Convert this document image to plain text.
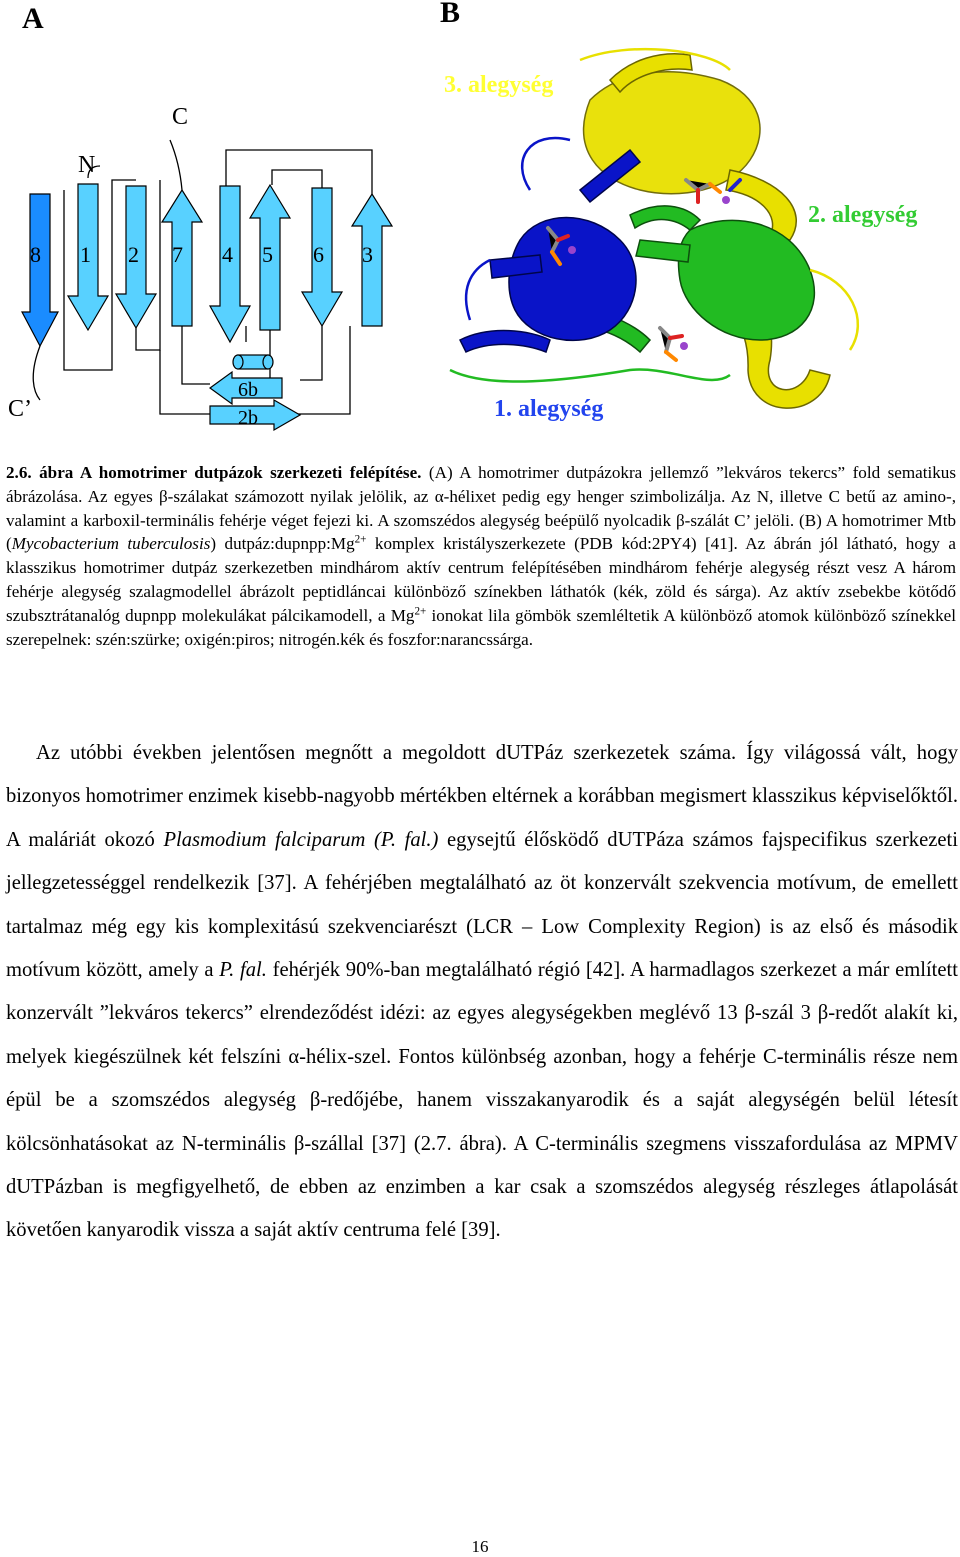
A
C
N
C’
8 1 2 7 4 5 6 3
6b
2b
B
3. alegység
2. alegység
1. alegység

2.6. ábra A homotrimer dutpázok szerkezeti felépítése. (A) A homotrimer dutpázokra jellemző ”lekváros tekercs” fold sematikus ábrázolása. Az egyes β-szálakat számozott nyilak jelölik, az α-hélixet pedig egy henger szimbolizálja. Az N, illetve C betű az amino-, valamint a karboxil-terminális fehérje véget fejezi ki. A szomszédos alegység beépülő nyolcadik β-szálát C’ jelöli. (B) A homotrimer Mtb (Mycobacterium tuberculosis) $dutpáz:dupnpp:Mg^{2+}$ komplex kristályszerkezete (PDB kód:2PY4) [41]. Az ábrán jól látható, hogy a klasszikus homotrimer dutpáz szerkezetben mindhárom aktív centrum felépítésében mindhárom fehérje alegység részt vesz A három fehérje alegység szalagmodellel ábrázolt peptidláncai különböző színekben láthatók (kék, zöld és sárga). Az aktív zsebekbe kötődő szubsztrátanalóg dupnpp molekulákat pálcikamodell, a $Mg^{2+}$ ionokat lila gömbök szemléltetik A különböző atomok különböző színekkel szerepelnek: szén:szürke; oxigén:piros; nitrogén.kék és foszfor:narancssárga.

Az utóbbi években jelentősen megnőtt a megoldott dUTPáz szerkezetek száma. Így világossá vált, hogy bizonyos homotrimer enzimek kisebb-nagyobb mértékben eltérnek a korábban megismert klasszikus képviselőktől. A maláriát okozó Plasmodium falciparum (P. fal.) egysejtű élősködő dUTPáza számos fajspecifikus szerkezeti jellegzetességgel rendelkezik [37]. A fehérjében megtalálható az öt konzervált szekvencia motívum, de emellett tartalmaz még egy kis komplexitású szekvenciarészt (LCR – Low Complexity Region) is az első és második motívum között, amely a P. fal. fehérjék 90%-ban megtalálható régió [42]. A harmadlagos szerkezet a már említett konzervált ”lekváros tekercs” elrendeződést idézi: az egyes alegységekben meglévő 13 β-szál 3 β-redőt alakít ki, melyek kiegészülnek két felszíni α-hélix-szel. Fontos különbség azonban, hogy a fehérje C-terminális része nem épül be a szomszédos alegység β-redőjébe, hanem visszakanyarodik és a saját alegységén belül létesít kölcsönhatásokat az N-terminális β-szállal [37] (2.7. ábra). A C-terminális szegmens visszafordulása az MPMV dUTPázban is megfigyelhető, de ebben az enzimben a kar csak a szomszédos alegység részleges átlapolását követően kanyarodik vissza a saját aktív centruma felé [39].

16
